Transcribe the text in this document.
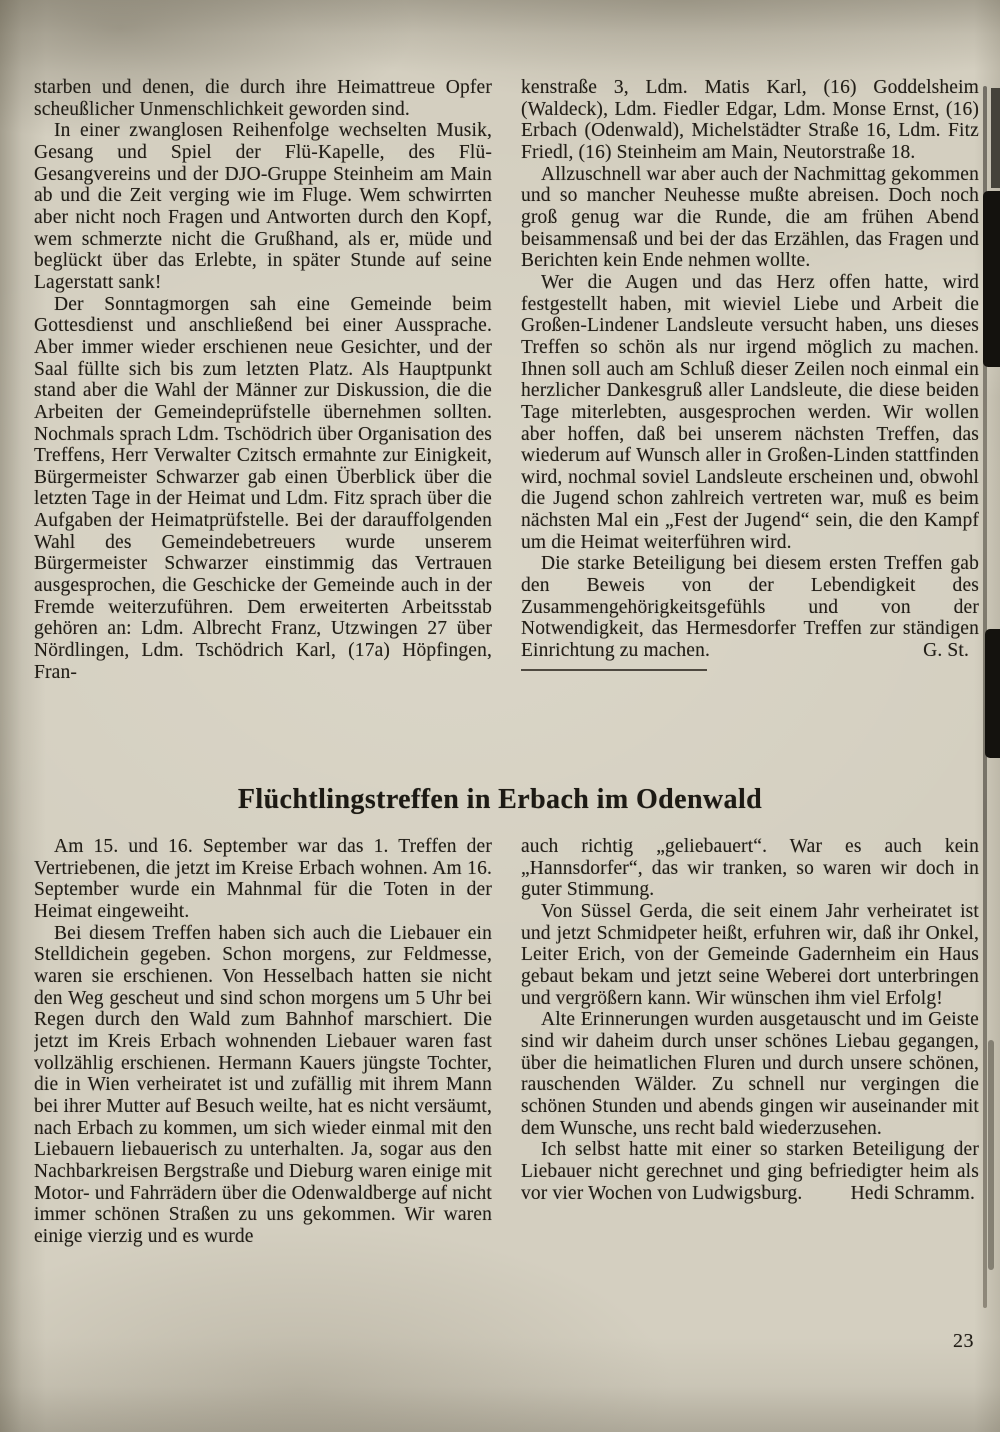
starben und denen, die durch ihre Heimattreue Opfer scheußlicher Unmenschlichkeit geworden sind.

In einer zwanglosen Reihenfolge wechselten Musik, Gesang und Spiel der Flü-Kapelle, des Flü-Gesangvereins und der DJO-Gruppe Steinheim am Main ab und die Zeit verging wie im Fluge. Wem schwirrten aber nicht noch Fragen und Antworten durch den Kopf, wem schmerzte nicht die Grußhand, als er, müde und beglückt über das Erlebte, in später Stunde auf seine Lagerstatt sank!

Der Sonntagmorgen sah eine Gemeinde beim Gottesdienst und anschließend bei einer Aussprache. Aber immer wieder erschienen neue Gesichter, und der Saal füllte sich bis zum letzten Platz. Als Hauptpunkt stand aber die Wahl der Männer zur Diskussion, die die Arbeiten der Gemeindeprüfstelle übernehmen sollten. Nochmals sprach Ldm. Tschödrich über Organisation des Treffens, Herr Verwalter Czitsch ermahnte zur Einigkeit, Bürgermeister Schwarzer gab einen Überblick über die letzten Tage in der Heimat und Ldm. Fitz sprach über die Aufgaben der Heimatprüfstelle. Bei der darauffolgenden Wahl des Gemeindebetreuers wurde unserem Bürgermeister Schwarzer einstimmig das Vertrauen ausgesprochen, die Geschicke der Gemeinde auch in der Fremde weiterzuführen. Dem erweiterten Arbeitsstab gehören an: Ldm. Albrecht Franz, Utzwingen 27 über Nördlingen, Ldm. Tschödrich Karl, (17a) Höpfingen, Fran-

kenstraße 3, Ldm. Matis Karl, (16) Goddelsheim (Waldeck), Ldm. Fiedler Edgar, Ldm. Monse Ernst, (16) Erbach (Odenwald), Michelstädter Straße 16, Ldm. Fitz Friedl, (16) Steinheim am Main, Neutorstraße 18.

Allzuschnell war aber auch der Nachmittag gekommen und so mancher Neuhesse mußte abreisen. Doch noch groß genug war die Runde, die am frühen Abend beisammensaß und bei der das Erzählen, das Fragen und Berichten kein Ende nehmen wollte.

Wer die Augen und das Herz offen hatte, wird festgestellt haben, mit wieviel Liebe und Arbeit die Großen-Lindener Landsleute versucht haben, uns dieses Treffen so schön als nur irgend möglich zu machen. Ihnen soll auch am Schluß dieser Zeilen noch einmal ein herzlicher Dankesgruß aller Landsleute, die diese beiden Tage miterlebten, ausgesprochen werden. Wir wollen aber hoffen, daß bei unserem nächsten Treffen, das wiederum auf Wunsch aller in Großen-Linden stattfinden wird, nochmal soviel Landsleute erscheinen und, obwohl die Jugend schon zahlreich vertreten war, muß es beim nächsten Mal ein „Fest der Jugend“ sein, die den Kampf um die Heimat weiterführen wird.

Die starke Beteiligung bei diesem ersten Treffen gab den Beweis von der Lebendigkeit des Zusammengehörigkeitsgefühls und von der Notwendigkeit, das Hermesdorfer Treffen zur ständigen Einrichtung zu machen.	G. St.
Flüchtlingstreffen in Erbach im Odenwald

Am 15. und 16. September war das 1. Treffen der Vertriebenen, die jetzt im Kreise Erbach wohnen. Am 16. September wurde ein Mahnmal für die Toten in der Heimat eingeweiht.

Bei diesem Treffen haben sich auch die Liebauer ein Stelldichein gegeben. Schon morgens, zur Feldmesse, waren sie erschienen. Von Hesselbach hatten sie nicht den Weg gescheut und sind schon morgens um 5 Uhr bei Regen durch den Wald zum Bahnhof marschiert. Die jetzt im Kreis Erbach wohnenden Liebauer waren fast vollzählig erschienen. Hermann Kauers jüngste Tochter, die in Wien verheiratet ist und zufällig mit ihrem Mann bei ihrer Mutter auf Besuch weilte, hat es nicht versäumt, nach Erbach zu kommen, um sich wieder einmal mit den Liebauern liebauerisch zu unterhalten. Ja, sogar aus den Nachbarkreisen Bergstraße und Dieburg waren einige mit Motor- und Fahrrädern über die Odenwaldberge auf nicht immer schönen Straßen zu uns gekommen. Wir waren einige vierzig und es wurde

auch richtig „geliebauert“. War es auch kein „Hannsdorfer“, das wir tranken, so waren wir doch in guter Stimmung.

Von Süssel Gerda, die seit einem Jahr verheiratet ist und jetzt Schmidpeter heißt, erfuhren wir, daß ihr Onkel, Leiter Erich, von der Gemeinde Gadernheim ein Haus gebaut bekam und jetzt seine Weberei dort unterbringen und vergrößern kann. Wir wünschen ihm viel Erfolg!

Alte Erinnerungen wurden ausgetauscht und im Geiste sind wir daheim durch unser schönes Liebau gegangen, über die heimatlichen Fluren und durch unsere schönen, rauschenden Wälder. Zu schnell nur vergingen die schönen Stunden und abends gingen wir auseinander mit dem Wunsche, uns recht bald wiederzusehen.

Ich selbst hatte mit einer so starken Beteiligung der Liebauer nicht gerechnet und ging befriedigter heim als vor vier Wochen von Ludwigsburg.	Hedi Schramm.
23
